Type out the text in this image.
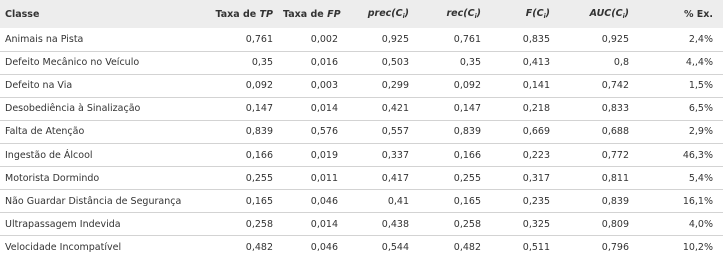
Classe	Taxa de TP	Taxa de FP	$prec(C_i)$	$rec(C_i)$	$F(C_i)$	$AUC(C_i)$	% Ex.
Animais na Pista	0,761	0,002	0,925	0,761	0,835	0,925	2,4%
Defeito Mecânico no Veículo	0,35	0,016	0,503	0,35	0,413	0,8	4,,4%
Defeito na Via	0,092	0,003	0,299	0,092	0,141	0,742	1,5%
Desobediência à Sinalização	0,147	0,014	0,421	0,147	0,218	0,833	6,5%
Falta de Atenção	0,839	0,576	0,557	0,839	0,669	0,688	2,9%
Ingestão de Álcool	0,166	0,019	0,337	0,166	0,223	0,772	46,3%
Motorista Dormindo	0,255	0,011	0,417	0,255	0,317	0,811	5,4%
Não Guardar Distância de Segurança	0,165	0,046	0,41	0,165	0,235	0,839	16,1%
Ultrapassagem Indevida	0,258	0,014	0,438	0,258	0,325	0,809	4,0%
Velocidade Incompatível	0,482	0,046	0,544	0,482	0,511	0,796	10,2%
